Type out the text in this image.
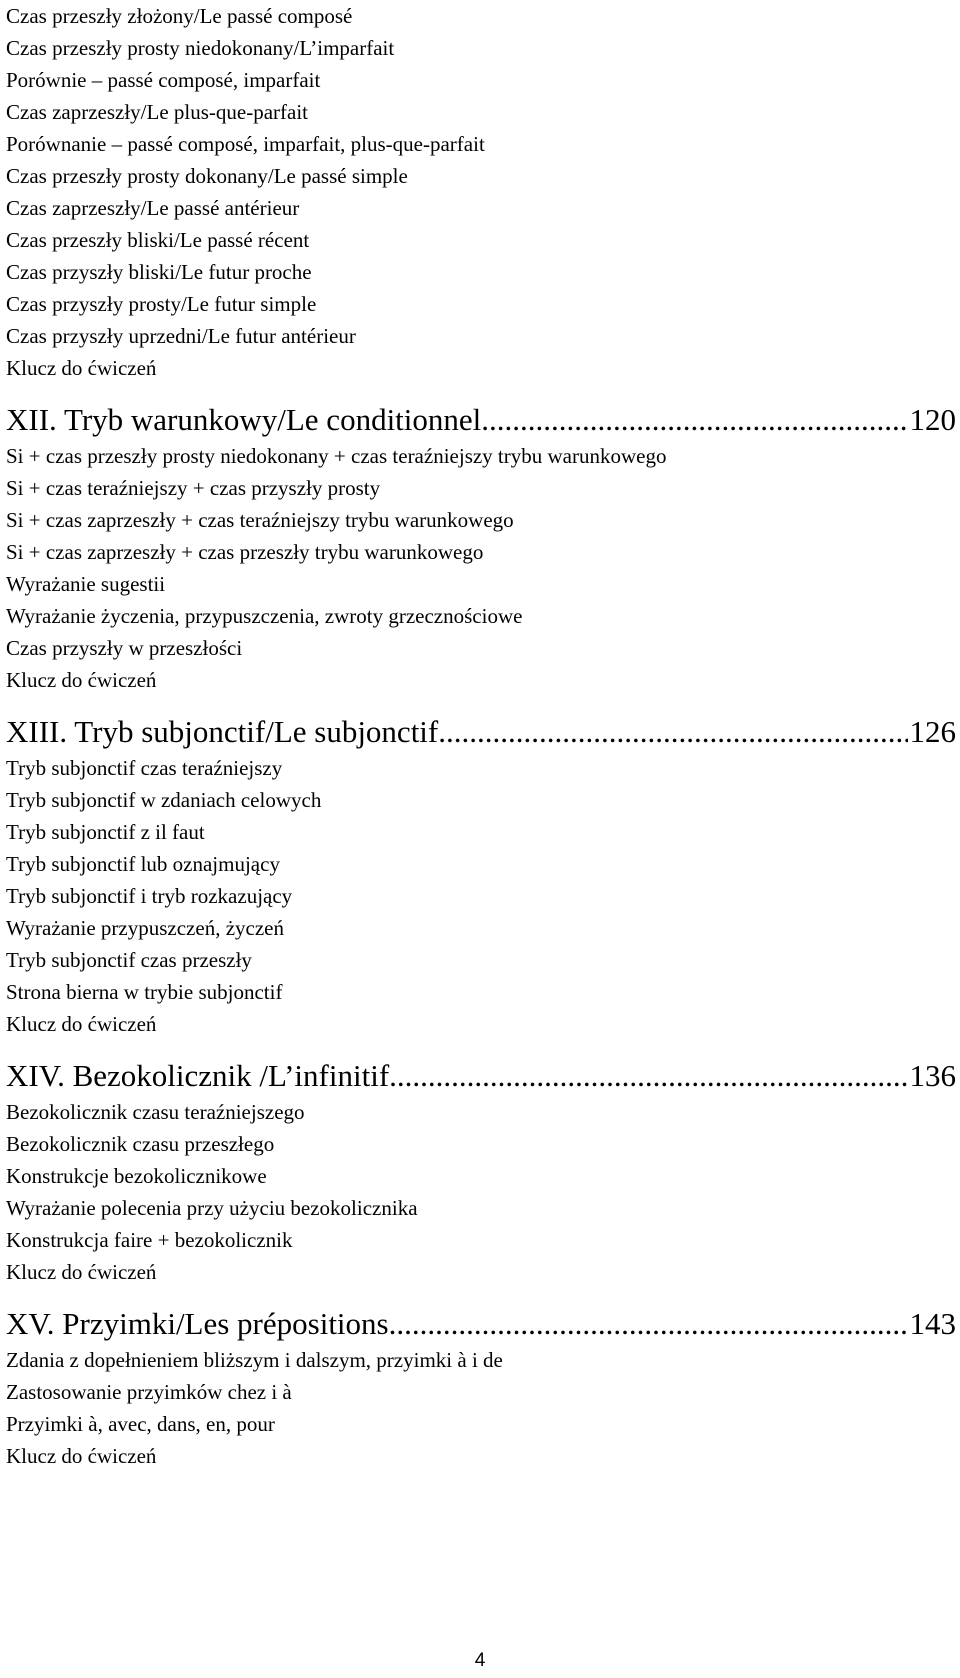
Czas przeszły złożony/Le passé composé
Czas przeszły prosty niedokonany/L’imparfait
Porównie – passé composé, imparfait
Czas zaprzeszły/Le plus-que-parfait
Porównanie – passé composé, imparfait, plus-que-parfait
Czas przeszły prosty dokonany/Le passé simple
Czas zaprzeszły/Le passé antérieur
Czas przeszły bliski/Le passé récent
Czas przyszły bliski/Le futur proche
Czas przyszły prosty/Le futur simple
Czas przyszły uprzedni/Le futur antérieur
Klucz do ćwiczeń
XII. Tryb warunkowy/Le conditionnel .....	120
Si + czas przeszły prosty niedokonany + czas teraźniejszy trybu warunkowego
Si + czas teraźniejszy + czas przyszły prosty
Si + czas zaprzeszły + czas teraźniejszy trybu warunkowego
Si + czas zaprzeszły + czas przeszły trybu warunkowego
Wyrażanie sugestii
Wyrażanie życzenia, przypuszczenia, zwroty grzecznościowe
Czas przyszły w przeszłości
Klucz do ćwiczeń
XIII. Tryb subjonctif/Le subjonctif .....	126
Tryb subjonctif czas teraźniejszy
Tryb subjonctif w zdaniach celowych
Tryb subjonctif z il faut
Tryb subjonctif lub oznajmujący
Tryb subjonctif i tryb rozkazujący
Wyrażanie przypuszczeń, życzeń
Tryb subjonctif czas przeszły
Strona bierna w trybie subjonctif
Klucz do ćwiczeń
XIV. Bezokolicznik /L’infinitif .....	136
Bezokolicznik czasu teraźniejszego
Bezokolicznik czasu przeszłego
Konstrukcje bezokolicznikowe
Wyrażanie polecenia przy użyciu bezokolicznika
Konstrukcja faire + bezokolicznik
Klucz do ćwiczeń
XV. Przyimki/Les prépositions .....	143
Zdania z dopełnieniem bliższym i dalszym, przyimki à i de
Zastosowanie przyimków chez i à
Przyimki à, avec, dans, en, pour
Klucz do ćwiczeń
4
